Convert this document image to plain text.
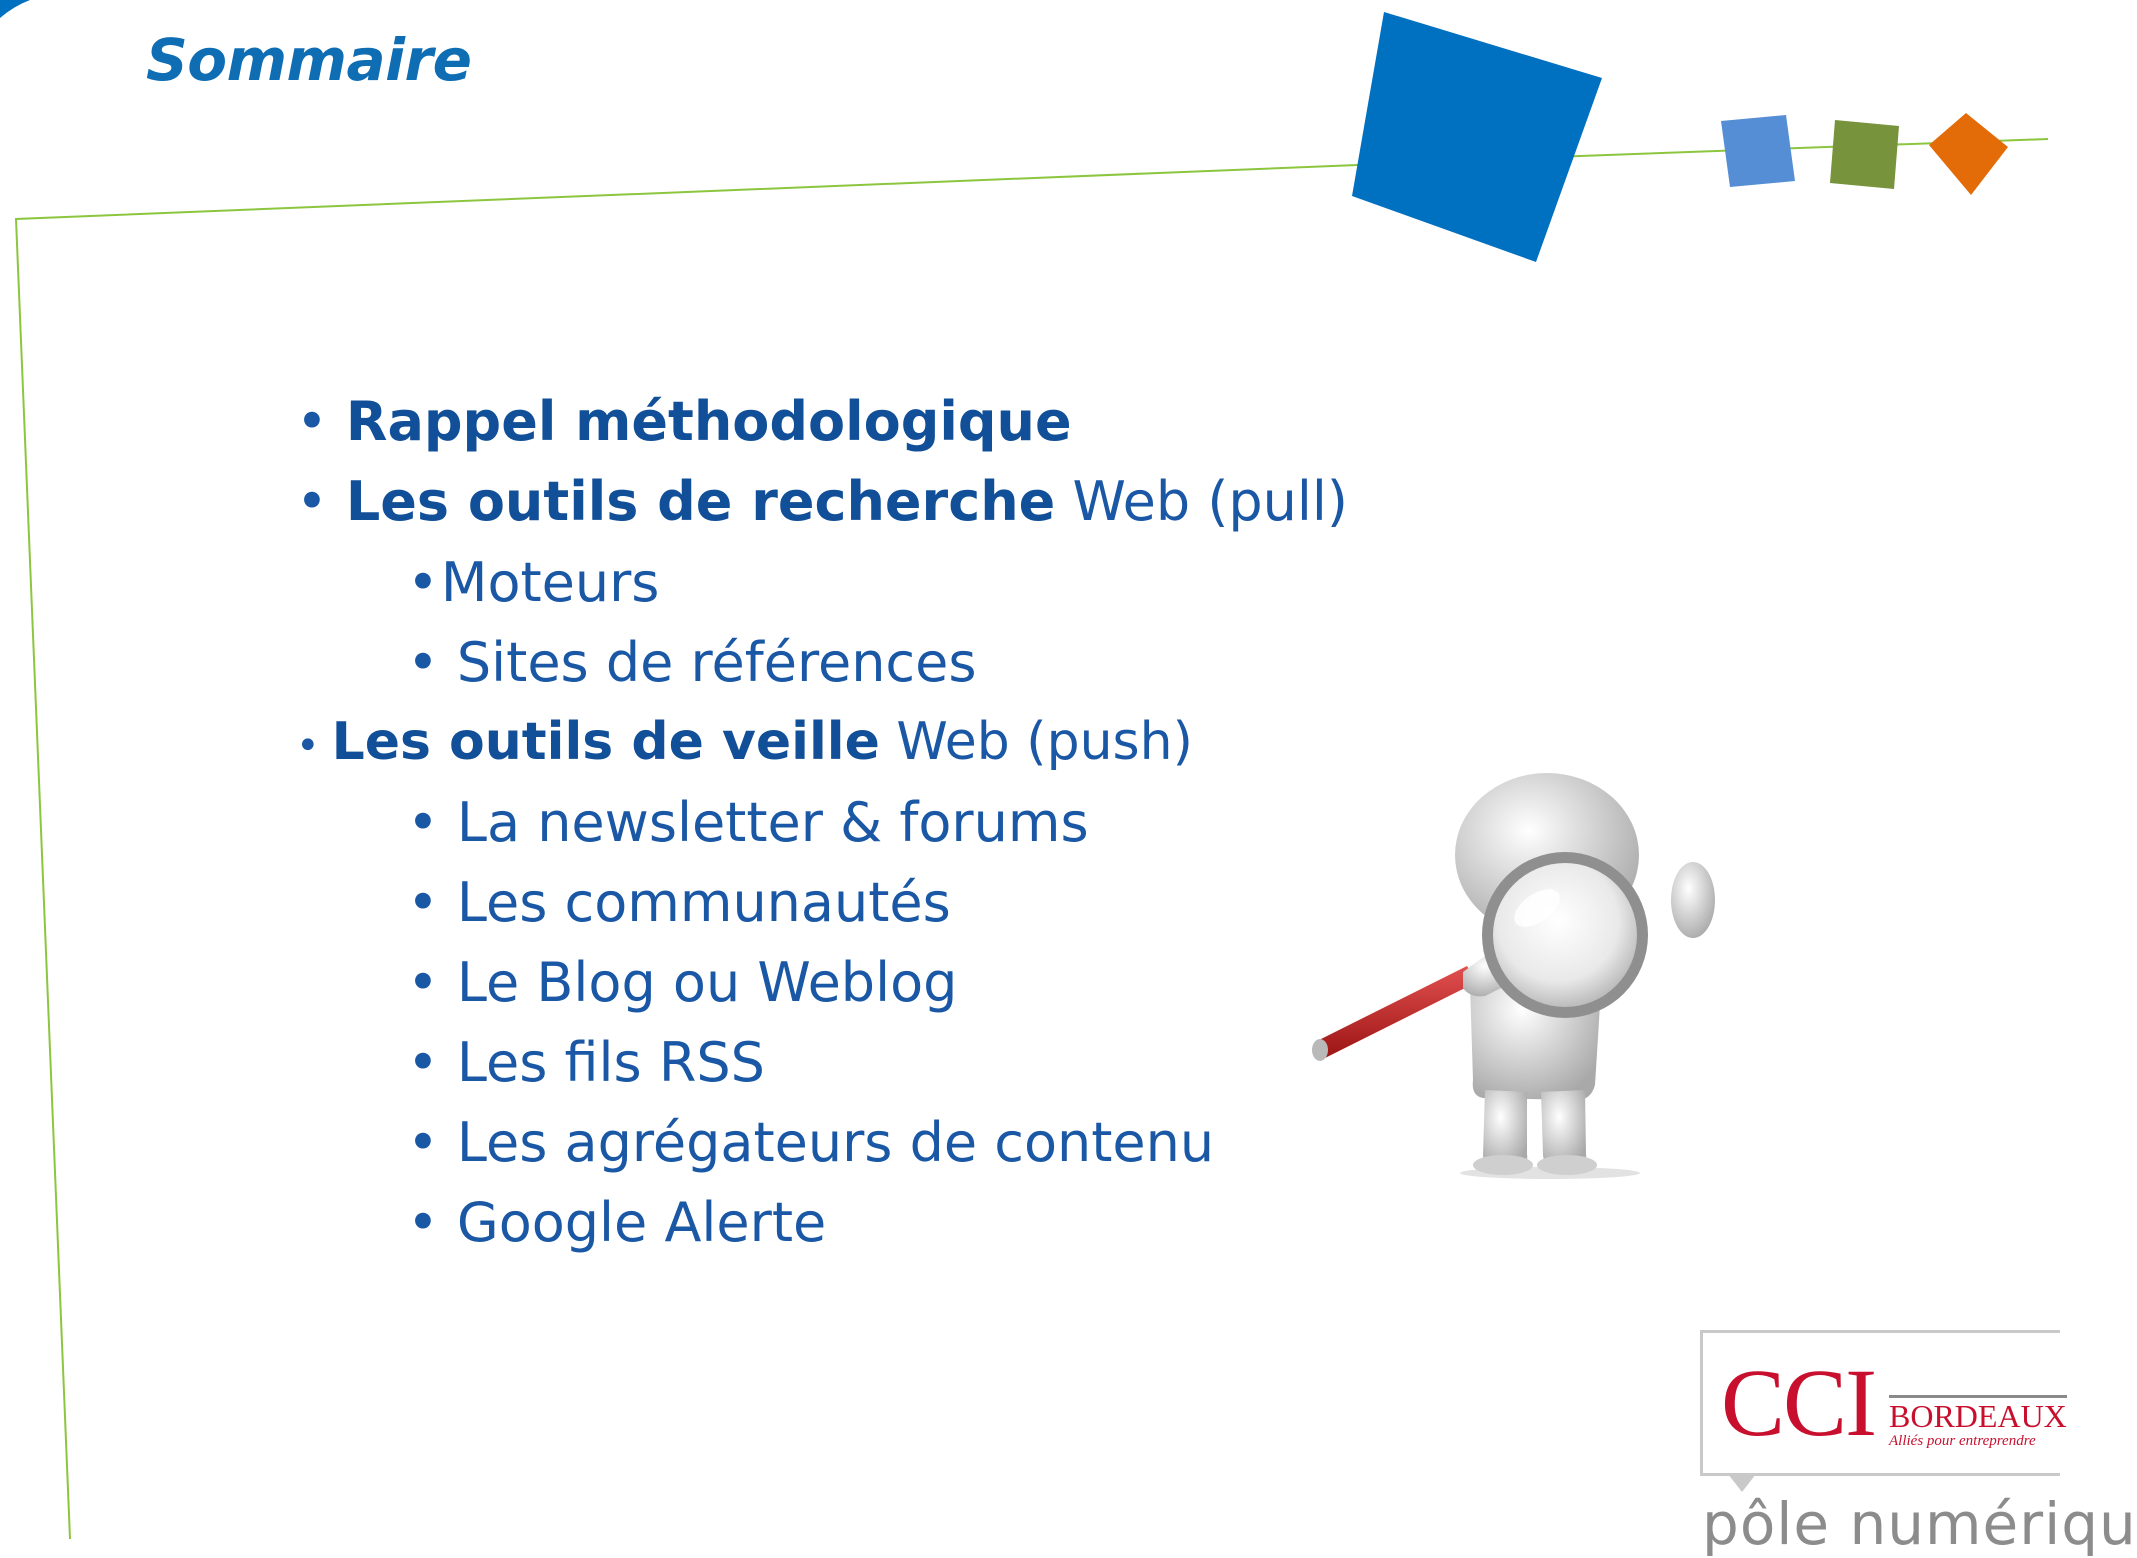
Sommaire
• Rappel méthodologique
• Les outils de recherche Web (pull)
•Moteurs
• Sites de références
• Les outils de veille Web (push)
• La newsletter & forums
• Les communautés
• Le Blog ou Weblog
• Les fils RSS
• Les agrégateurs de contenu
• Google Alerte
CCI BORDEAUX
Alliés pour entreprendre
pôle numériqu
